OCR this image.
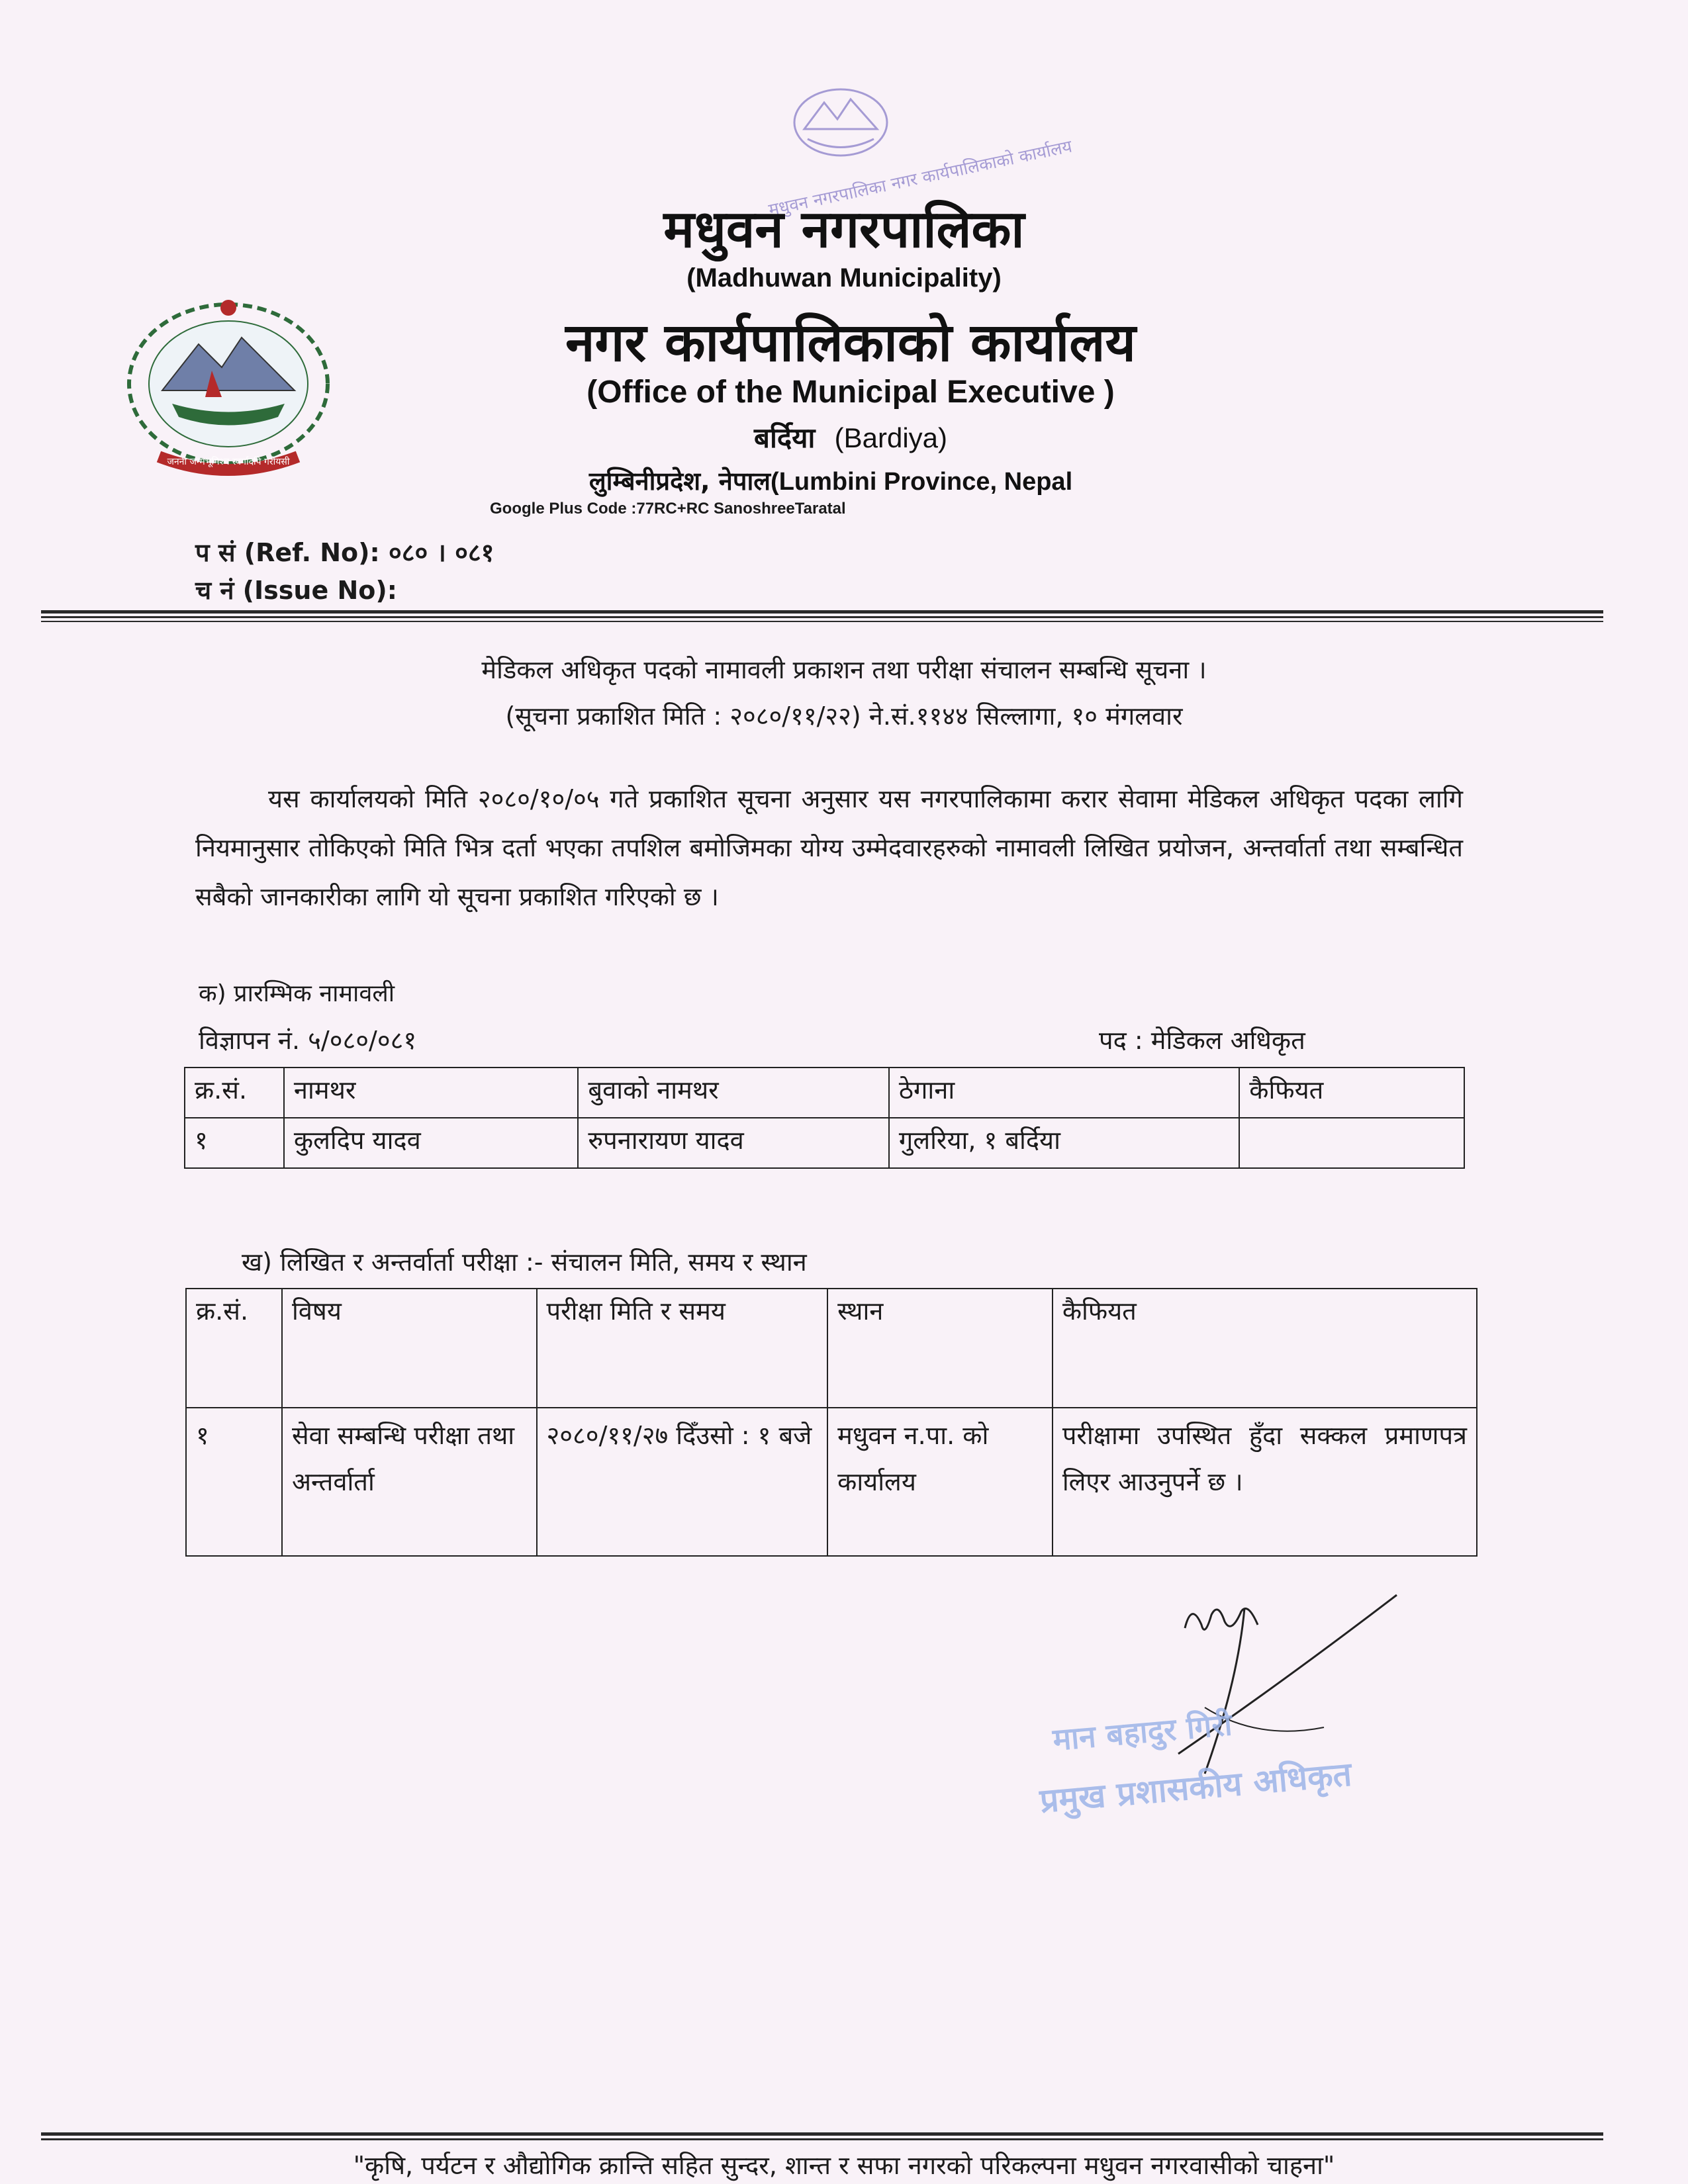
मधुवन नगरपालिका नगर कार्यपालिकाको कार्यालय
जननी जन्मभूमिश्च स्वर्गादपि गरीयसी
मधुवन नगरपालिका
(Madhuwan Municipality)
नगर कार्यपालिकाको कार्यालय
(Office of the Municipal Executive )
बर्दिया (Bardiya)
लुम्बिनीप्रदेश, नेपाल(Lumbini Province, Nepal
Google Plus Code :77RC+RC SanoshreeTaratal
प सं (Ref. No): ०८० । ०८१
च नं (Issue No):
मेडिकल अधिकृत पदको नामावली प्रकाशन तथा परीक्षा संचालन सम्बन्धि सूचना ।
(सूचना प्रकाशित मिति : २०८०/११/२२) ने.सं.११४४ सिल्लागा, १० मंगलवार
यस कार्यालयको मिति २०८०/१०/०५ गते प्रकाशित सूचना अनुसार यस नगरपालिकामा करार सेवामा मेडिकल अधिकृत पदका लागि नियमानुसार तोकिएको मिति भित्र दर्ता भएका तपशिल बमोजिमका योग्य उम्मेदवारहरुको नामावली लिखित प्रयोजन, अन्तर्वार्ता तथा सम्बन्धित सबैको जानकारीका लागि यो सूचना प्रकाशित गरिएको छ ।
क) प्रारम्भिक नामावली
विज्ञापन नं. ५/०८०/०८१	पद : मेडिकल अधिकृत
क्र.सं.	नामथर	बुवाको नामथर	ठेगाना	कैफियत
१	कुलदिप यादव	रुपनारायण यादव	गुलरिया, १ बर्दिया	
ख) लिखित र अन्तर्वार्ता परीक्षा :- संचालन मिति, समय र स्थान
क्र.सं.	विषय	परीक्षा मिति र समय	स्थान	कैफियत
१	सेवा सम्बन्धि परीक्षा तथा अन्तर्वार्ता	२०८०/११/२७ दिँउसो : १ बजे	मधुवन न.पा. को कार्यालय	परीक्षामा उपस्थित हुँदा सक्कल प्रमाणपत्र लिएर आउनुपर्ने छ ।
मान बहादुर गिरी
प्रमुख प्रशासकीय अधिकृत
"कृषि, पर्यटन र औद्योगिक क्रान्ति सहित सुन्दर, शान्त र सफा नगरको परिकल्पना मधुवन नगरवासीको चाहना"
